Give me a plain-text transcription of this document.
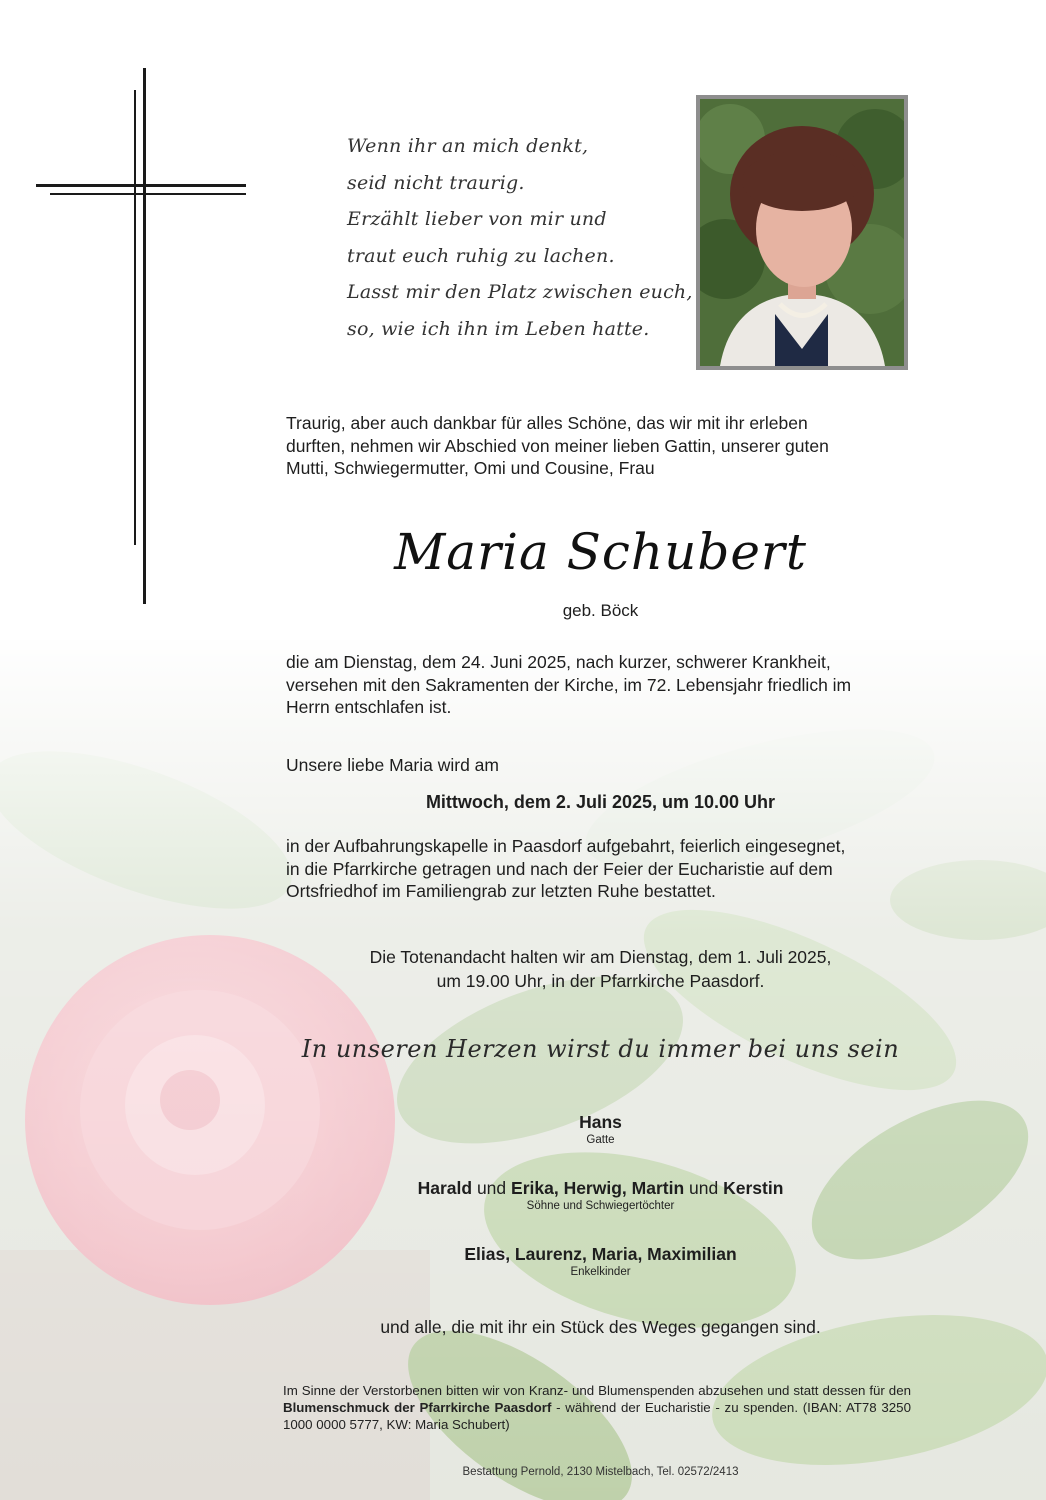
Wenn ihr an mich denkt,
seid nicht traurig.
Erzählt lieber von mir und
traut euch ruhig zu lachen.
Lasst mir den Platz zwischen euch,
so, wie ich ihn im Leben hatte.
Traurig, aber auch dankbar für alles Schöne, das wir mit ihr erleben
durften, nehmen wir Abschied von meiner lieben Gattin, unserer guten
Mutti, Schwiegermutter, Omi und Cousine, Frau
Maria Schubert
geb. Böck
die am Dienstag, dem 24. Juni 2025, nach kurzer, schwerer Krankheit,
versehen mit den Sakramenten der Kirche, im 72. Lebensjahr friedlich im
Herrn entschlafen ist.
Unsere liebe Maria wird am
Mittwoch, dem 2. Juli 2025, um 10.00 Uhr
in der Aufbahrungskapelle in Paasdorf aufgebahrt, feierlich eingesegnet,
in die Pfarrkirche getragen und nach der Feier der Eucharistie auf dem
Ortsfriedhof im Familiengrab zur letzten Ruhe bestattet.
Die Totenandacht halten wir am Dienstag, dem 1. Juli 2025,
um 19.00 Uhr, in der Pfarrkirche Paasdorf.
In unseren Herzen wirst du immer bei uns sein
Hans
Gatte
Harald und Erika, Herwig, Martin und Kerstin
Söhne und Schwiegertöchter
Elias, Laurenz, Maria, Maximilian
Enkelkinder
und alle, die mit ihr ein Stück des Weges gegangen sind.
Im Sinne der Verstorbenen bitten wir von Kranz- und Blumenspenden abzusehen und statt dessen für den Blumenschmuck der Pfarrkirche Paasdorf - während der Eucharistie - zu spenden. (IBAN: AT78 3250 1000 0000 5777, KW: Maria Schubert)
Bestattung Pernold, 2130 Mistelbach, Tel. 02572/2413
